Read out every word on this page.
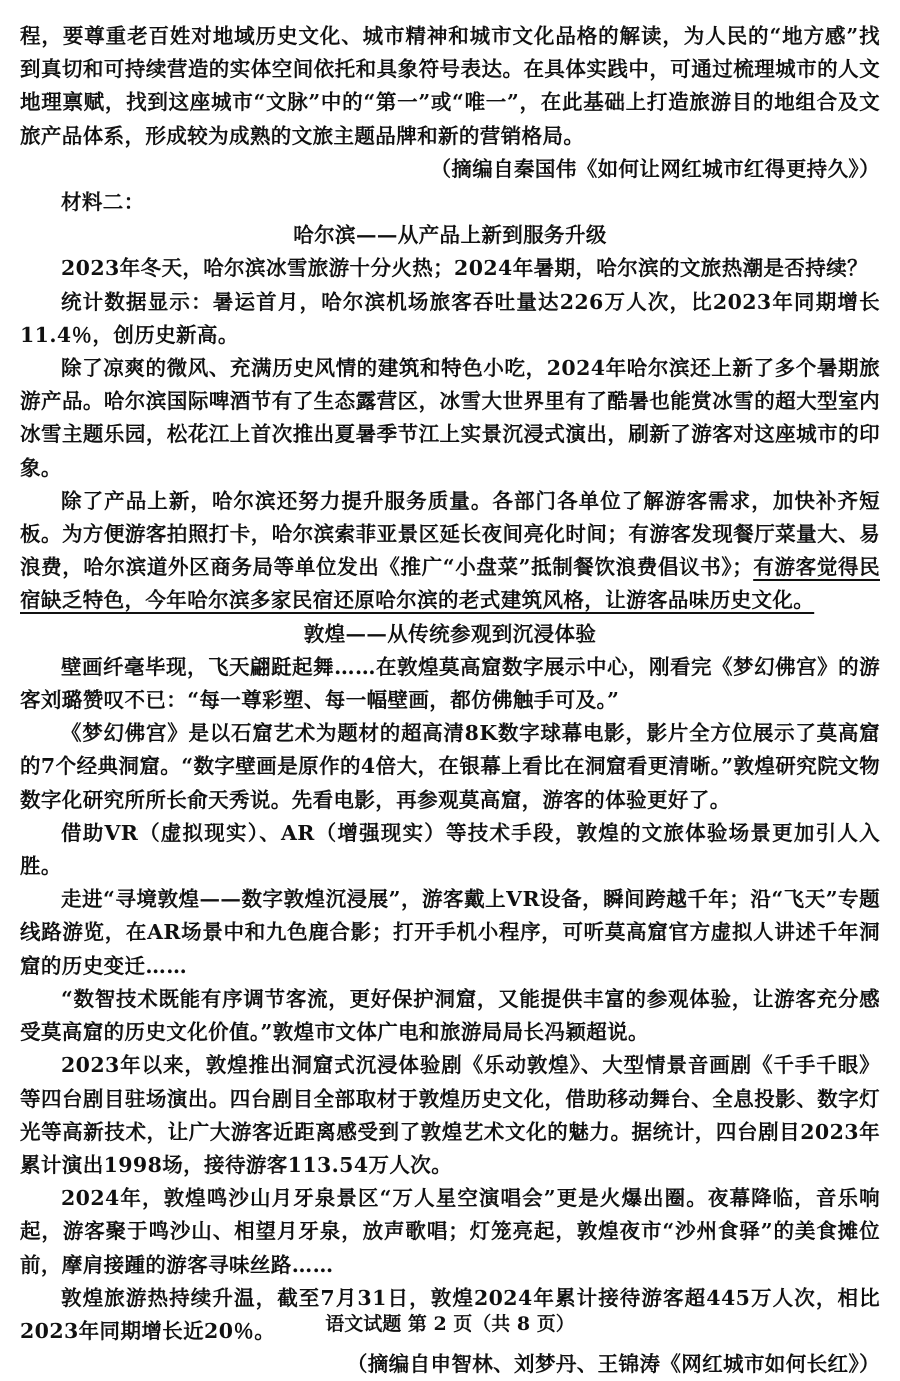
程，要尊重老百姓对地域历史文化、城市精神和城市文化品格的解读，为人民的“地方感”找到真切和可持续营造的实体空间依托和具象符号表达。在具体实践中，可通过梳理城市的人文地理禀赋，找到这座城市“文脉”中的“第一”或“唯一”，在此基础上打造旅游目的地组合及文旅产品体系，形成较为成熟的文旅主题品牌和新的营销格局。

（摘编自秦国伟《如何让网红城市红得更持久》）

材料二：

哈尔滨——从产品上新到服务升级

2023年冬天，哈尔滨冰雪旅游十分火热；2024年暑期，哈尔滨的文旅热潮是否持续？

统计数据显示：暑运首月，哈尔滨机场旅客吞吐量达226万人次，比2023年同期增长11.4％，创历史新高。

除了凉爽的微风、充满历史风情的建筑和特色小吃，2024年哈尔滨还上新了多个暑期旅游产品。哈尔滨国际啤酒节有了生态露营区，冰雪大世界里有了酷暑也能赏冰雪的超大型室内冰雪主题乐园，松花江上首次推出夏暑季节江上实景沉浸式演出，刷新了游客对这座城市的印象。

除了产品上新，哈尔滨还努力提升服务质量。各部门各单位了解游客需求，加快补齐短板。为方便游客拍照打卡，哈尔滨索菲亚景区延长夜间亮化时间；有游客发现餐厅菜量大、易浪费，哈尔滨道外区商务局等单位发出《推广“小盘菜”抵制餐饮浪费倡议书》；有游客觉得民宿缺乏特色，今年哈尔滨多家民宿还原哈尔滨的老式建筑风格，让游客品味历史文化。

敦煌——从传统参观到沉浸体验

壁画纤毫毕现，飞天翩跹起舞……在敦煌莫高窟数字展示中心，刚看完《梦幻佛宫》的游客刘璐赞叹不已：“每一尊彩塑、每一幅壁画，都仿佛触手可及。”

《梦幻佛宫》是以石窟艺术为题材的超高清8K数字球幕电影，影片全方位展示了莫高窟的7个经典洞窟。“数字壁画是原作的4倍大，在银幕上看比在洞窟看更清晰。”敦煌研究院文物数字化研究所所长俞天秀说。先看电影，再参观莫高窟，游客的体验更好了。

借助VR（虚拟现实）、AR（增强现实）等技术手段，敦煌的文旅体验场景更加引人入胜。

走进“寻境敦煌——数字敦煌沉浸展”，游客戴上VR设备，瞬间跨越千年；沿“飞天”专题线路游览，在AR场景中和九色鹿合影；打开手机小程序，可听莫高窟官方虚拟人讲述千年洞窟的历史变迁……

“数智技术既能有序调节客流，更好保护洞窟，又能提供丰富的参观体验，让游客充分感受莫高窟的历史文化价值。”敦煌市文体广电和旅游局局长冯颖超说。

2023年以来，敦煌推出洞窟式沉浸体验剧《乐动敦煌》、大型情景音画剧《千手千眼》等四台剧目驻场演出。四台剧目全部取材于敦煌历史文化，借助移动舞台、全息投影、数字灯光等高新技术，让广大游客近距离感受到了敦煌艺术文化的魅力。据统计，四台剧目2023年累计演出1998场，接待游客113.54万人次。

2024年，敦煌鸣沙山月牙泉景区“万人星空演唱会”更是火爆出圈。夜幕降临，音乐响起，游客聚于鸣沙山、相望月牙泉，放声歌唱；灯笼亮起，敦煌夜市“沙州食驿”的美食摊位前，摩肩接踵的游客寻味丝路……

敦煌旅游热持续升温，截至7月31日，敦煌2024年累计接待游客超445万人次，相比2023年同期增长近20％。

（摘编自申智林、刘梦丹、王锦涛《网红城市如何长红》）

语文试题 第 2 页（共 8 页）
